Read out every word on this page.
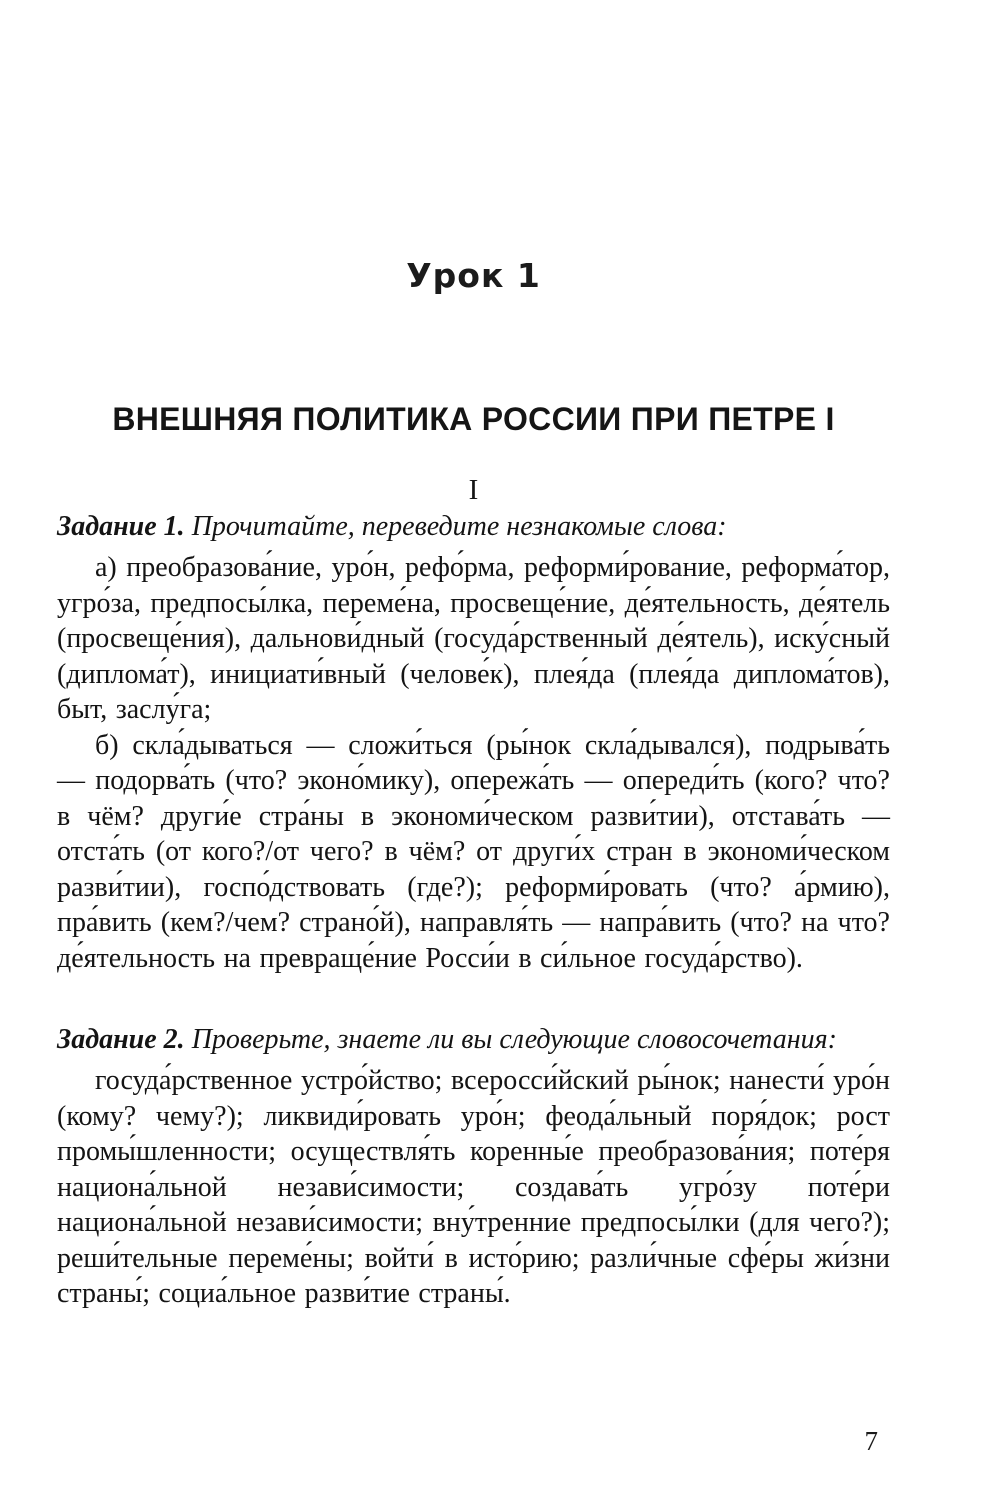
Урок 1
ВНЕШНЯЯ ПОЛИТИКА РОССИИ ПРИ ПЕТРЕ I
I
Задание 1. Прочитайте, переведите незнакомые слова:

а) преобразова́ние, уро́н, рефо́рма, реформи́рование, реформа́тор, угро́за, предпосы́лка, переме́на, просвеще́ние, де́ятельность, де́ятель (просвеще́ния), дальнови́дный (госуда́рственный де́ятель), иску́сный (диплома́т), инициати́вный (челове́к), плея́да (плея́да диплома́тов), быт, заслу́га;

б) скла́дываться — сложи́ться (ры́нок скла́дывался), подрыва́ть — подорва́ть (что? эконо́мику), опережа́ть — опереди́ть (кого? что? в чём? други́е стра́ны в экономи́ческом разви́тии), отстава́ть — отста́ть (от кого?/от чего? в чём? от други́х стран в экономи́ческом разви́тии), госпо́дствовать (где?); реформи́ровать (что? а́рмию), пра́вить (кем?/чем? страно́й), направля́ть — напра́вить (что? на что? де́ятельность на превраще́ние Росси́и в си́льное госуда́рство).

Задание 2. Проверьте, знаете ли вы следующие словосочетания:

госуда́рственное устро́йство; всеросси́йский ры́нок; нанести́ уро́н (кому? чему?); ликвиди́ровать уро́н; феода́льный поря́док; рост промы́шленности; осуществля́ть коренны́е преобразова́ния; поте́ря национа́льной незави́симости; создава́ть угро́зу поте́ри национа́льной незави́симости; вну́тренние предпосы́лки (для чего?); реши́тельные переме́ны; войти́ в исто́рию; разли́чные сфе́ры жи́зни страны́; социа́льное разви́тие страны́.

7
